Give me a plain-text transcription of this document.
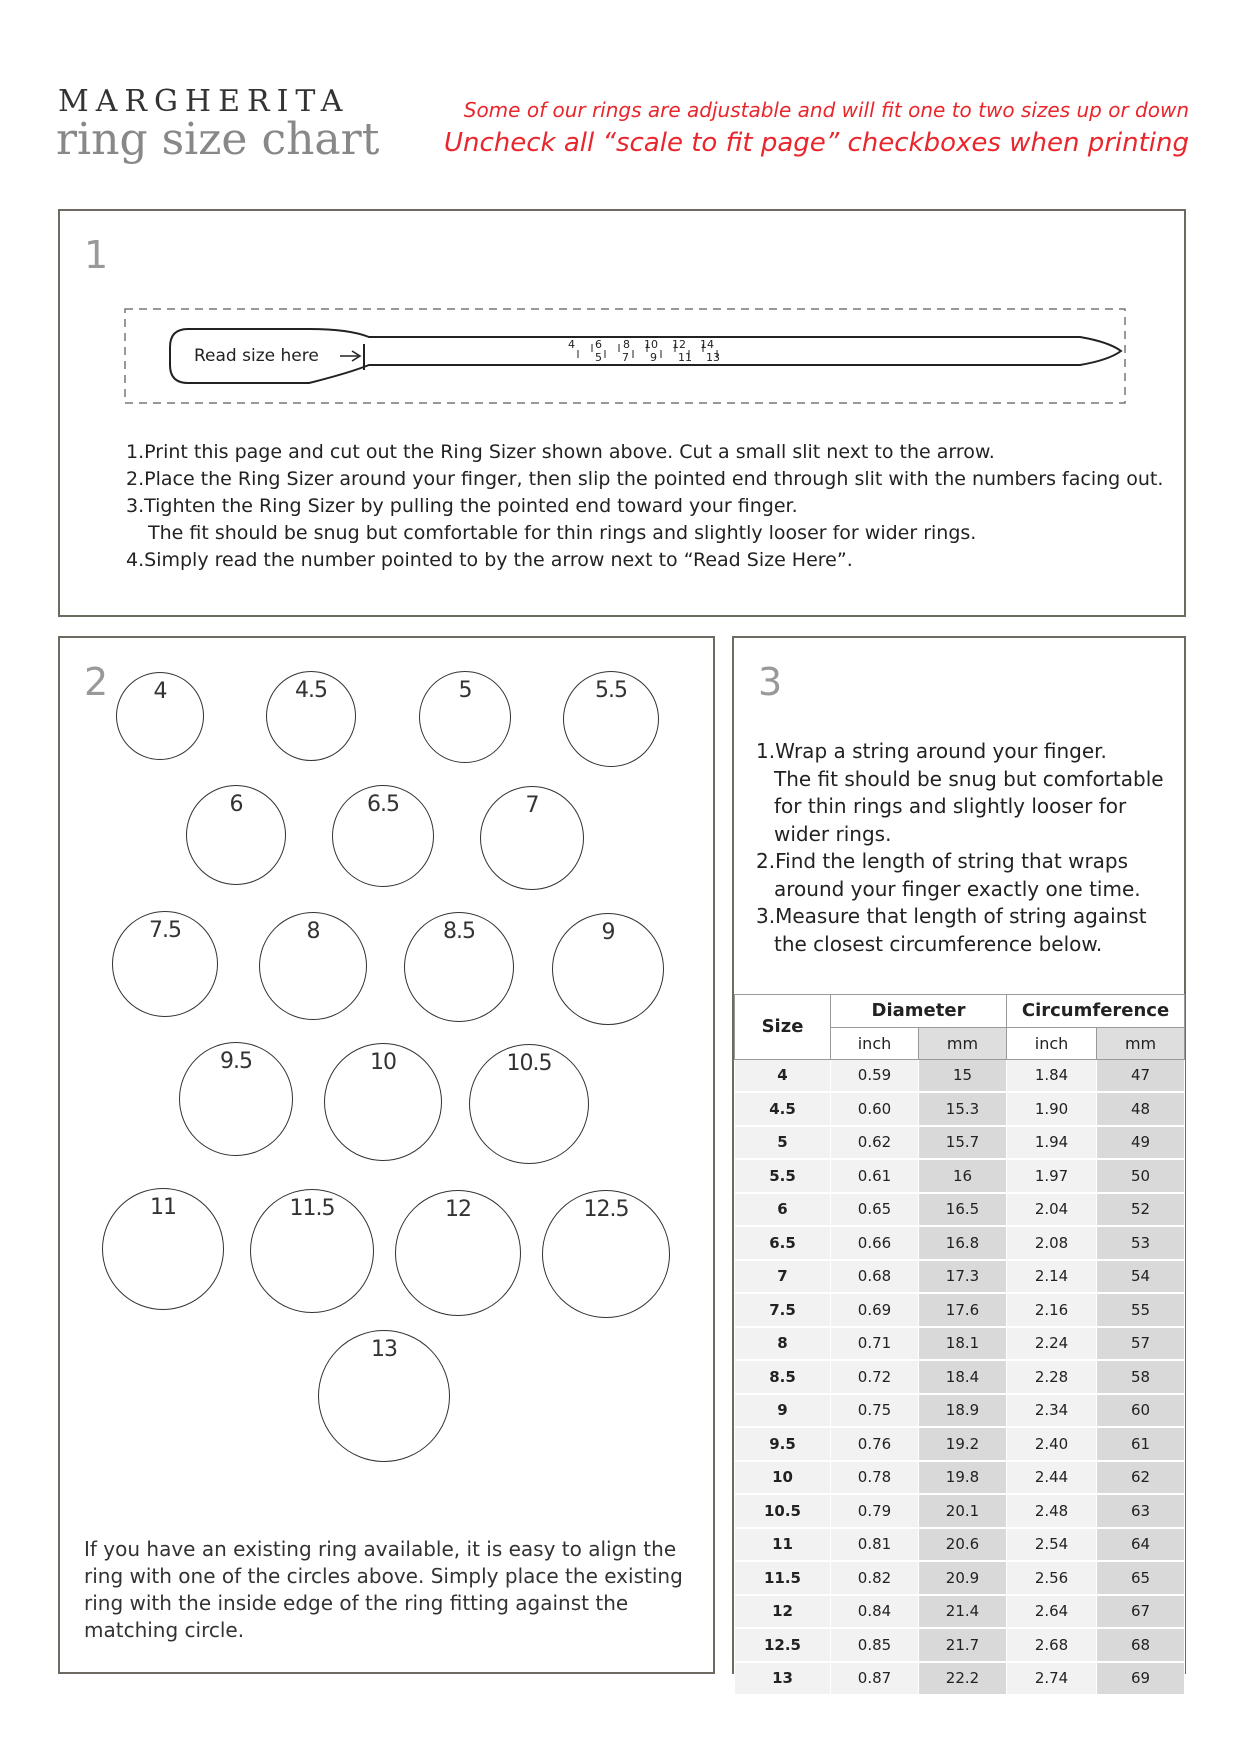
MARGHERITA
ring size chart
Some of our rings are adjustable and will fit one to two sizes up or down
Uncheck all “scale to fit page” checkboxes when printing
1
Read size here
4
5
6
7
8
9
10
11
12
13
14
1.Print this page and cut out the Ring Sizer shown above. Cut a small slit next to the arrow.
2.Place the Ring Sizer around your finger, then slip the pointed end through slit with the numbers facing out.
3.Tighten the Ring Sizer by pulling the pointed end toward your finger.
The fit should be snug but comfortable for thin rings and slightly looser for wider rings.
4.Simply read the number pointed to by the arrow next to “Read Size Here”.
2	4	4.5	5	5.5
6	6.5	7
7.5	8	8.5	9
9.5	10	10.5
11	11.5	12	12.5
13
If you have an existing ring available, it is easy to align the ring with one of the circles above. Simply place the existing ring with the inside edge of the ring fitting against the matching circle.
3
1.Wrap a string around your finger.
The fit should be snug but comfortable
for thin rings and slightly looser for
wider rings.
2.Find the length of string that wraps
around your finger exactly one time.
3.Measure that length of string against
the closest circumference below.
Size	Diameter		Circumference	
	inch	mm	inch	mm
4	0.59	15	1.84	47
4.5	0.60	15.3	1.90	48
5	0.62	15.7	1.94	49
5.5	0.61	16	1.97	50
6	0.65	16.5	2.04	52
6.5	0.66	16.8	2.08	53
7	0.68	17.3	2.14	54
7.5	0.69	17.6	2.16	55
8	0.71	18.1	2.24	57
8.5	0.72	18.4	2.28	58
9	0.75	18.9	2.34	60
9.5	0.76	19.2	2.40	61
10	0.78	19.8	2.44	62
10.5	0.79	20.1	2.48	63
11	0.81	20.6	2.54	64
11.5	0.82	20.9	2.56	65
12	0.84	21.4	2.64	67
12.5	0.85	21.7	2.68	68
13	0.87	22.2	2.74	69
